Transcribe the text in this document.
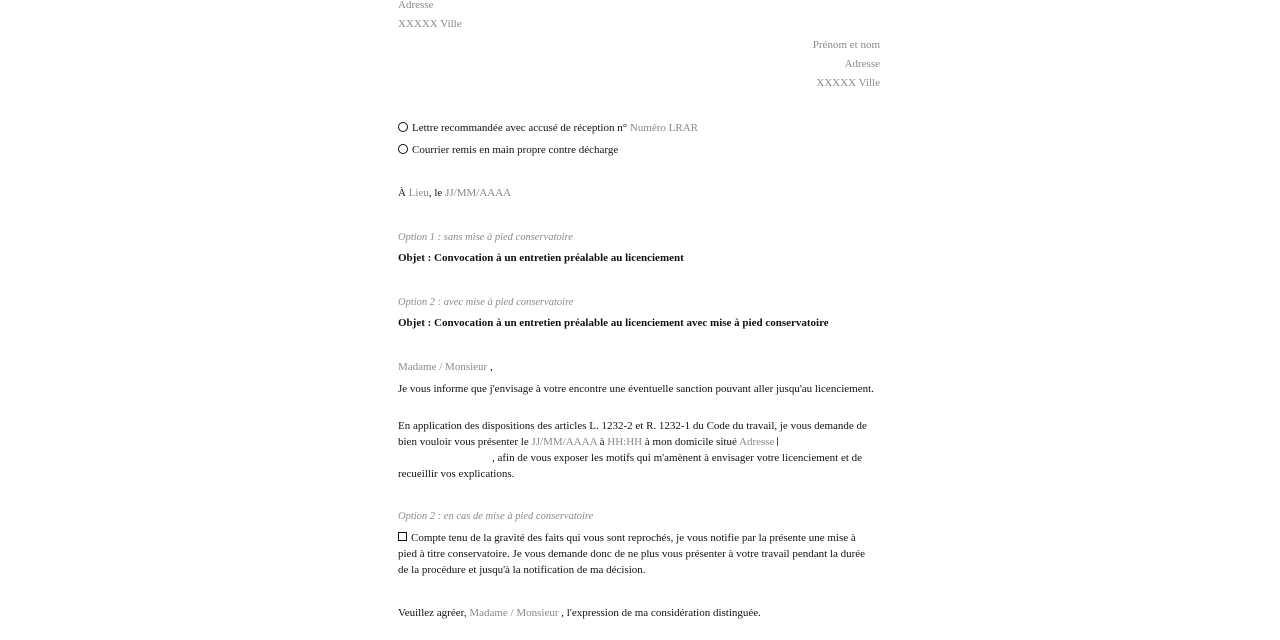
Adresse
XXXXX Ville
Prénom et nom
Adresse
XXXXX Ville
Lettre recommandée avec accusé de réception n° Numéro LRAR
Courrier remis en main propre contre décharge
À Lieu, le JJ/MM/AAAA
Option 1 : sans mise à pied conservatoire
Objet : Convocation à un entretien préalable au licenciement
Option 2 : avec mise à pied conservatoire
Objet : Convocation à un entretien préalable au licenciement avec mise à pied conservatoire
Madame / Monsieur ,
Je vous informe que j'envisage à votre encontre une éventuelle sanction pouvant aller jusqu'au licenciement.
En application des dispositions des articles L. 1232-2 et R. 1232-1 du Code du travail, je vous demande de bien vouloir vous présenter le JJ/MM/AAAA à HH:HH à mon domicile situé Adresse
, afin de vous exposer les motifs qui m'amènent à envisager votre licenciement et de recueillir vos explications.
Option 2 : en cas de mise à pied conservatoire
Compte tenu de la gravité des faits qui vous sont reprochés, je vous notifie par la présente une mise à pied à titre conservatoire. Je vous demande donc de ne plus vous présenter à votre travail pendant la durée de la procédure et jusqu'à la notification de ma décision.
Veuillez agréer, Madame / Monsieur , l'expression de ma considération distinguée.
